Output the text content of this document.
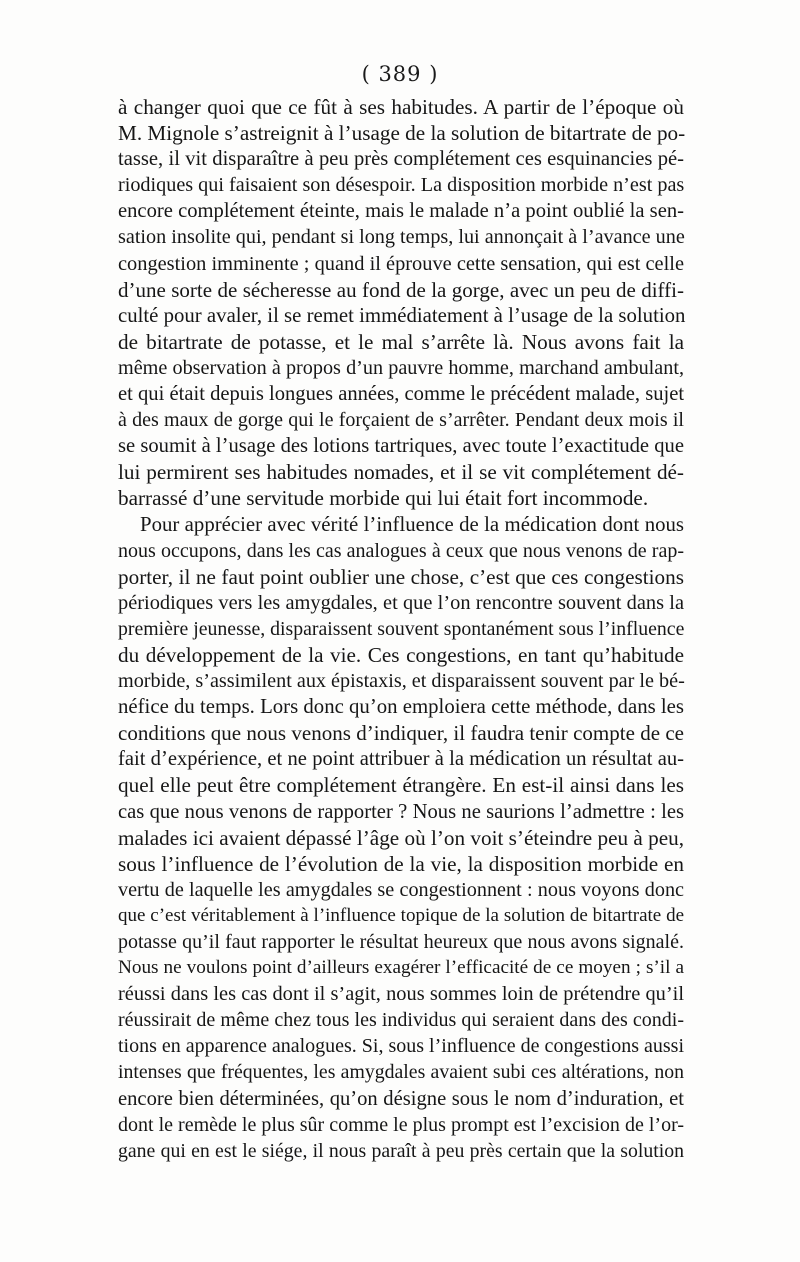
( 389 )
à changer quoi que ce fût à ses habitudes. A partir de l’époque où
M. Mignole s’astreignit à l’usage de la solution de bitartrate de po-
tasse, il vit disparaître à peu près complétement ces esquinancies pé-
riodiques qui faisaient son désespoir. La disposition morbide n’est pas
encore complétement éteinte, mais le malade n’a point oublié la sen-
sation insolite qui, pendant si long temps, lui annonçait à l’avance une
congestion imminente ; quand il éprouve cette sensation, qui est celle
d’une sorte de sécheresse au fond de la gorge, avec un peu de diffi-
culté pour avaler, il se remet immédiatement à l’usage de la solution
de bitartrate de potasse, et le mal s’arrête là. Nous avons fait la
même observation à propos d’un pauvre homme, marchand ambulant,
et qui était depuis longues années, comme le précédent malade, sujet
à des maux de gorge qui le forçaient de s’arrêter. Pendant deux mois il
se soumit à l’usage des lotions tartriques, avec toute l’exactitude que
lui permirent ses habitudes nomades, et il se vit complétement dé-
barrassé d’une servitude morbide qui lui était fort incommode.
Pour apprécier avec vérité l’influence de la médication dont nous
nous occupons, dans les cas analogues à ceux que nous venons de rap-
porter, il ne faut point oublier une chose, c’est que ces congestions
périodiques vers les amygdales, et que l’on rencontre souvent dans la
première jeunesse, disparaissent souvent spontanément sous l’influence
du développement de la vie. Ces congestions, en tant qu’habitude
morbide, s’assimilent aux épistaxis, et disparaissent souvent par le bé-
néfice du temps. Lors donc qu’on emploiera cette méthode, dans les
conditions que nous venons d’indiquer, il faudra tenir compte de ce
fait d’expérience, et ne point attribuer à la médication un résultat au-
quel elle peut être complétement étrangère. En est-il ainsi dans les
cas que nous venons de rapporter ? Nous ne saurions l’admettre : les
malades ici avaient dépassé l’âge où l’on voit s’éteindre peu à peu,
sous l’influence de l’évolution de la vie, la disposition morbide en
vertu de laquelle les amygdales se congestionnent : nous voyons donc
que c’est véritablement à l’influence topique de la solution de bitartrate de
potasse qu’il faut rapporter le résultat heureux que nous avons signalé.
Nous ne voulons point d’ailleurs exagérer l’efficacité de ce moyen ; s’il a
réussi dans les cas dont il s’agit, nous sommes loin de prétendre qu’il
réussirait de même chez tous les individus qui seraient dans des condi-
tions en apparence analogues. Si, sous l’influence de congestions aussi
intenses que fréquentes, les amygdales avaient subi ces altérations, non
encore bien déterminées, qu’on désigne sous le nom d’induration, et
dont le remède le plus sûr comme le plus prompt est l’excision de l’or-
gane qui en est le siége, il nous paraît à peu près certain que la solution
